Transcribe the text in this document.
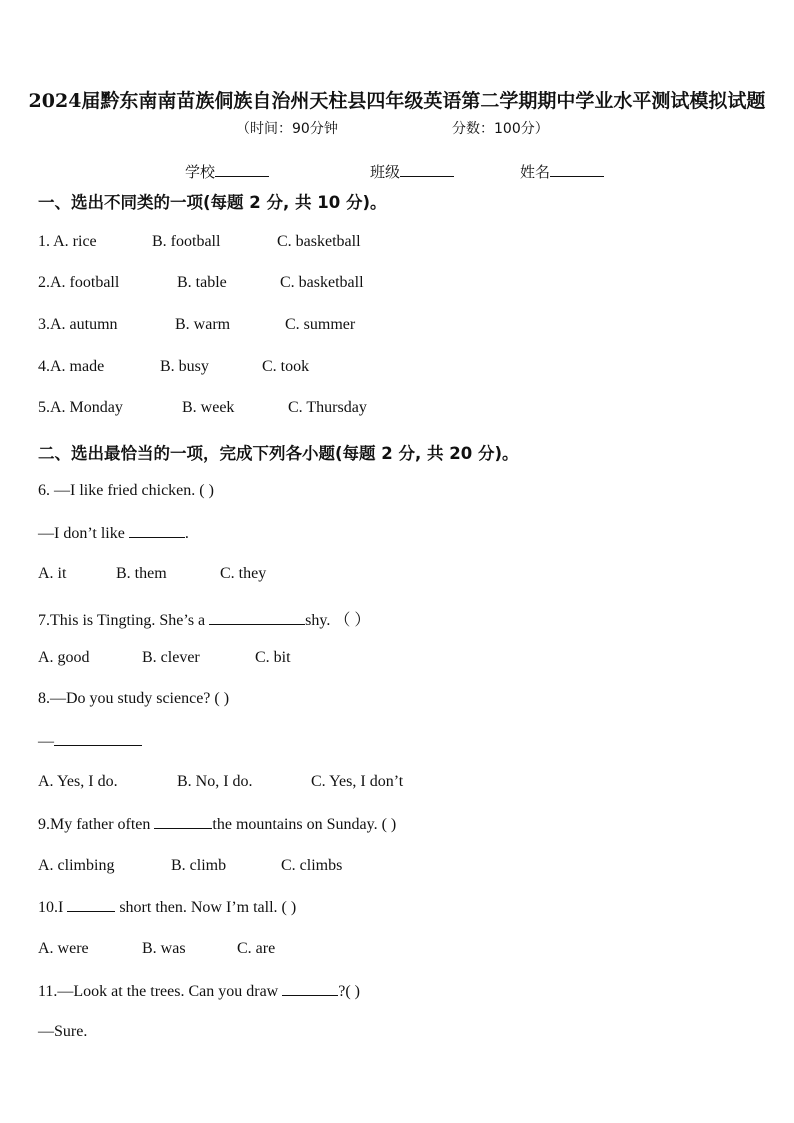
2024届黔东南南苗族侗族自治州天柱县四年级英语第二学期期中学业水平测试模拟试题
（时间：90分钟	分数：100分）
学校	班级	姓名
一、选出不同类的一项(每题 2 分, 共 10 分)。
1. A. rice	B. football	C. basketball
2.A. football	B. table	C. basketball
3.A. autumn	B. warm	C. summer
4.A. made	B. busy	C. took
5.A. Monday	B. week	C. Thursday
二、选出最恰当的一项，完成下列各小题(每题 2 分, 共 20 分)。
6. —I like fried chicken. ( )
—I don’t like	.
A. it	B. them	C. they
7.This is Tingting. She’s a	shy. （ ）
A. good	B. clever	C. bit
8.—Do you study science? ( )
—
A. Yes, I do.	B. No, I do.	C. Yes, I don’t
9.My father often	the mountains on Sunday. ( )
A. climbing	B. climb	C. climbs
10.I	short then. Now I’m tall. ( )
A. were	B. was	C. are
11.—Look at the trees. Can you draw	?( )
—Sure.
